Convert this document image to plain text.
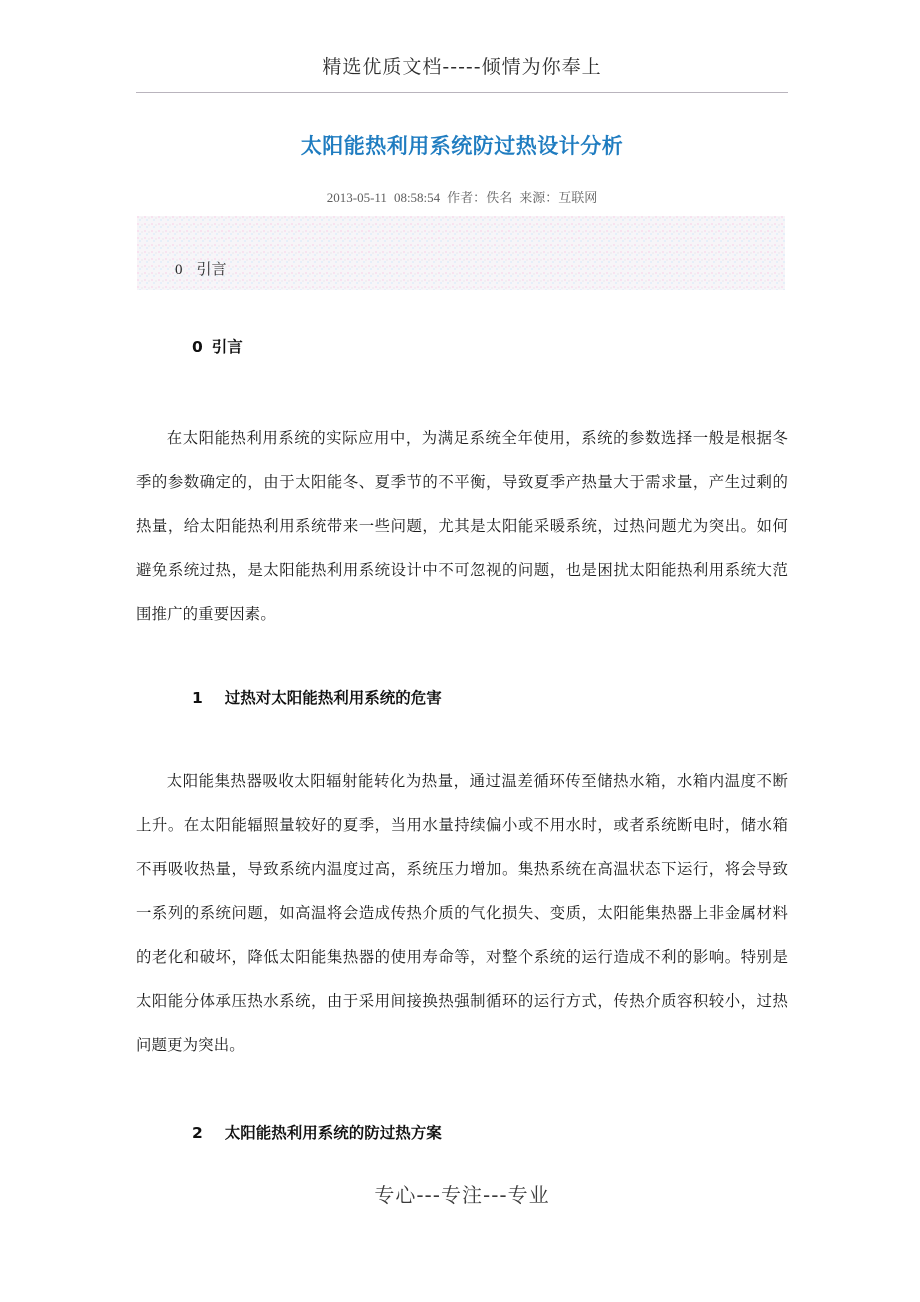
精选优质文档-----倾情为你奉上
太阳能热利用系统防过热设计分析
2013-05-11 08:58:54 作者：佚名 来源：互联网
0 引言
0 引言

在太阳能热利用系统的实际应用中，为满足系统全年使用，系统的参数选择一般是根据冬季的参数确定的，由于太阳能冬、夏季节的不平衡，导致夏季产热量大于需求量，产生过剩的热量，给太阳能热利用系统带来一些问题，尤其是太阳能采暖系统，过热问题尤为突出。如何避免系统过热，是太阳能热利用系统设计中不可忽视的问题，也是困扰太阳能热利用系统大范围推广的重要因素。

1 过热对太阳能热利用系统的危害

太阳能集热器吸收太阳辐射能转化为热量，通过温差循环传至储热水箱，水箱内温度不断上升。在太阳能辐照量较好的夏季，当用水量持续偏小或不用水时，或者系统断电时，储水箱不再吸收热量，导致系统内温度过高，系统压力增加。集热系统在高温状态下运行，将会导致一系列的系统问题，如高温将会造成传热介质的气化损失、变质，太阳能集热器上非金属材料的老化和破坏，降低太阳能集热器的使用寿命等，对整个系统的运行造成不利的影响。特别是太阳能分体承压热水系统，由于采用间接换热强制循环的运行方式，传热介质容积较小，过热问题更为突出。

2 太阳能热利用系统的防过热方案
专心---专注---专业
